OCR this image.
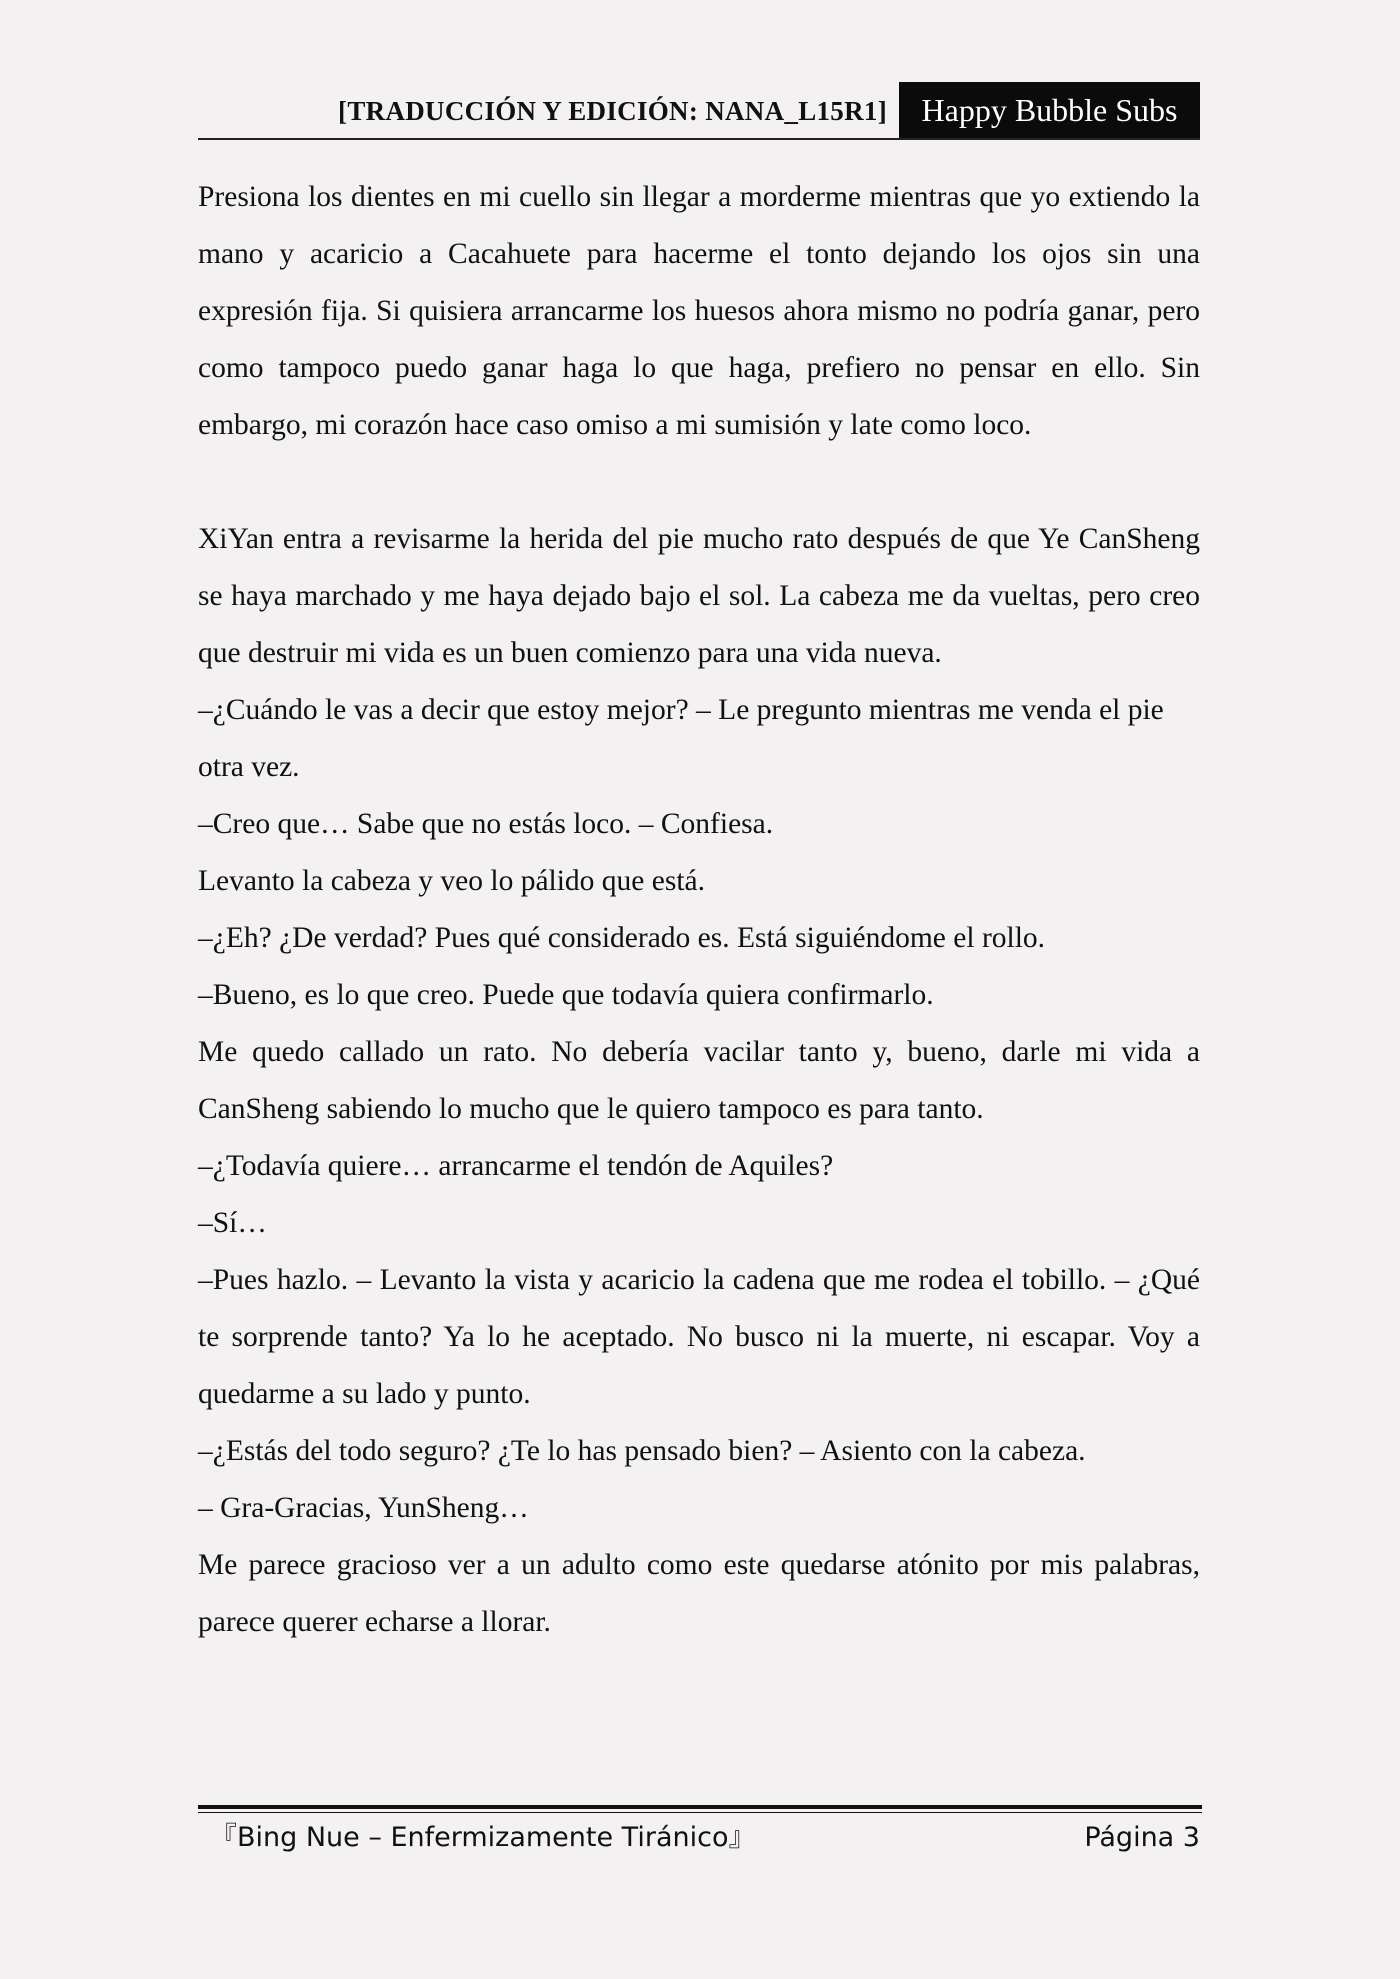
[TRADUCCIÓN Y EDICIÓN: NANA_L15R1]	Happy Bubble Subs

Presiona los dientes en mi cuello sin llegar a morderme mientras que yo extiendo la mano y acaricio a Cacahuete para hacerme el tonto dejando los ojos sin una expresión fija. Si quisiera arrancarme los huesos ahora mismo no podría ganar, pero como tampoco puedo ganar haga lo que haga, prefiero no pensar en ello. Sin embargo, mi corazón hace caso omiso a mi sumisión y late como loco.

XiYan entra a revisarme la herida del pie mucho rato después de que Ye CanSheng se haya marchado y me haya dejado bajo el sol. La cabeza me da vueltas, pero creo que destruir mi vida es un buen comienzo para una vida nueva.

–¿Cuándo le vas a decir que estoy mejor? – Le pregunto mientras me venda el pie otra vez.

–Creo que… Sabe que no estás loco. – Confiesa.

Levanto la cabeza y veo lo pálido que está.

–¿Eh? ¿De verdad? Pues qué considerado es. Está siguiéndome el rollo.

–Bueno, es lo que creo. Puede que todavía quiera confirmarlo.

Me quedo callado un rato. No debería vacilar tanto y, bueno, darle mi vida a CanSheng sabiendo lo mucho que le quiero tampoco es para tanto.

–¿Todavía quiere… arrancarme el tendón de Aquiles?

–Sí…

–Pues hazlo. – Levanto la vista y acaricio la cadena que me rodea el tobillo. – ¿Qué te sorprende tanto? Ya lo he aceptado. No busco ni la muerte, ni escapar. Voy a quedarme a su lado y punto.

–¿Estás del todo seguro? ¿Te lo has pensado bien? – Asiento con la cabeza.

– Gra-Gracias, YunSheng…

Me parece gracioso ver a un adulto como este quedarse atónito por mis palabras, parece querer echarse a llorar.

『Bing Nue – Enfermizamente Tiránico』	Página 3
